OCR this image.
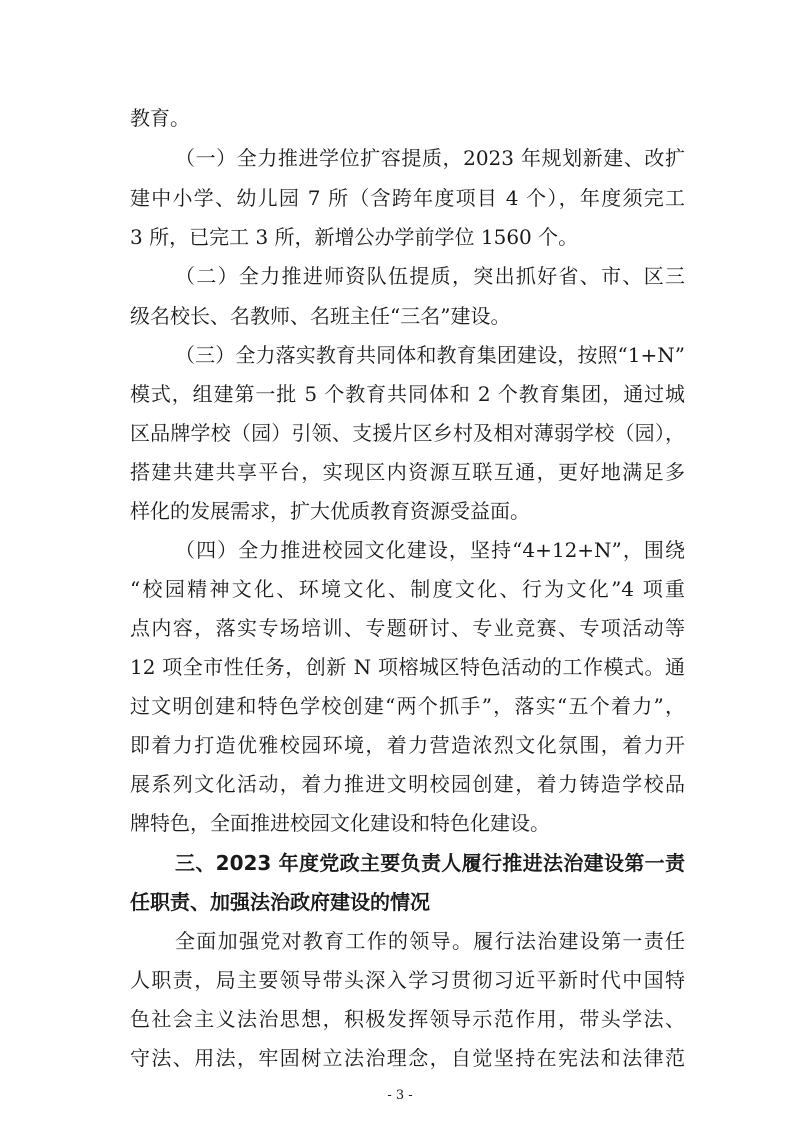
教育。
（一）全力推进学位扩容提质，2023 年规划新建、改扩
建中小学、幼儿园 7 所（含跨年度项目 4 个），年度须完工
3 所，已完工 3 所，新增公办学前学位 1560 个。
（二）全力推进师资队伍提质，突出抓好省、市、区三
级名校长、名教师、名班主任“三名”建设。
（三）全力落实教育共同体和教育集团建设，按照“1+N”
模式，组建第一批 5 个教育共同体和 2 个教育集团，通过城
区品牌学校（园）引领、支援片区乡村及相对薄弱学校（园），
搭建共建共享平台，实现区内资源互联互通，更好地满足多
样化的发展需求，扩大优质教育资源受益面。
（四）全力推进校园文化建设，坚持“4+12+N”，围绕
“校园精神文化、环境文化、制度文化、行为文化”4 项重
点内容，落实专场培训、专题研讨、专业竞赛、专项活动等
12 项全市性任务，创新 N 项榕城区特色活动的工作模式。通
过文明创建和特色学校创建“两个抓手”，落实“五个着力”，
即着力打造优雅校园环境，着力营造浓烈文化氛围，着力开
展系列文化活动，着力推进文明校园创建，着力铸造学校品
牌特色，全面推进校园文化建设和特色化建设。
三、2023 年度党政主要负责人履行推进法治建设第一责
任职责、加强法治政府建设的情况
全面加强党对教育工作的领导。履行法治建设第一责任
人职责，局主要领导带头深入学习贯彻习近平新时代中国特
色社会主义法治思想，积极发挥领导示范作用，带头学法、
守法、用法，牢固树立法治理念，自觉坚持在宪法和法律范
- 3 -
